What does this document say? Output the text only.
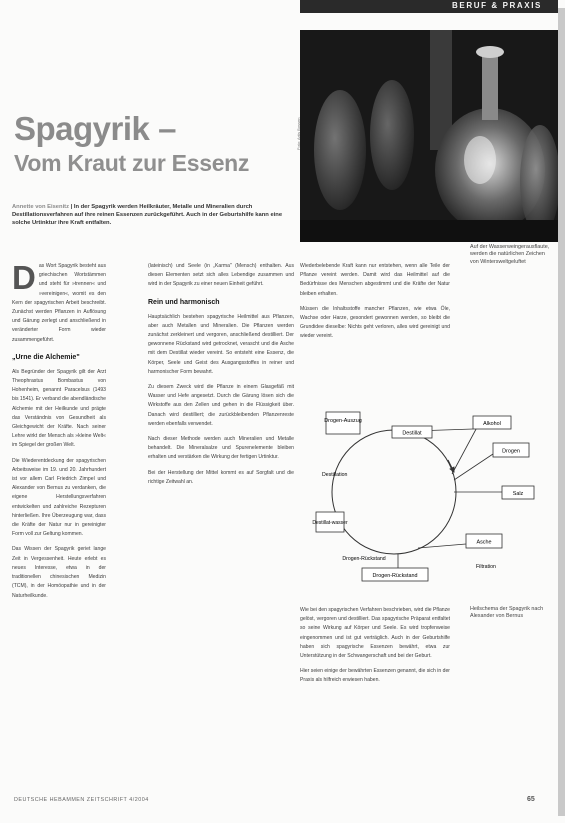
BERUF & PRAXIS
Foto: Artis Bossen
Spagyrik –
Vom Kraut zur Essenz
Annette von Eisenitz | In der Spagyrik werden Heilkräuter, Metalle und Mineralien durch Destillationsverfahren auf ihre reinen Essenzen zurückgeführt. Auch in der Geburtshilfe kann eine solche Urtinktur ihre Kraft entfalten.
Auf der Wasserweingerausflaute, werden die natürlichen Zeichen von Wintersweltgeluftet

Das Wort Spagyrik besteht aus griechischen Wortstämmen und steht für »trennen« und »vereinigen«, womit es den Kern der spagyrischen Arbeit beschreibt. Zunächst werden Pflanzen in Auflösung und Gärung zerlegt und anschließend in veränderter Form wieder zusammengeführt.

„Urne die Alchemie"

Als Begründer der Spagyrik gilt der Arzt Theophrastus Bombastus von Hohenheim, genannt Paracelsus (1493 bis 1541). Er verband die abendländische Alchemie mit der Heilkunde und prägte das Verständnis von Gesundheit als Gleichgewicht der Kräfte. Nach seiner Lehre wirkt der Mensch als »kleine Welt« im Spiegel der großen Welt.

Die Wiederentdeckung der spagyrischen Arbeitsweise im 19. und 20. Jahrhundert ist vor allem Carl Friedrich Zimpel und Alexander von Bernus zu verdanken, die eigene Herstellungsverfahren entwickelten und zahlreiche Rezepturen hinterließen. Ihre Überzeugung war, dass die Kräfte der Natur nur in gereinigter Form voll zur Geltung kommen.

Das Wissen der Spagyrik geriet lange Zeit in Vergessenheit. Heute erlebt es neues Interesse, etwa in der traditionellen chinesischen Medizin (TCM), in der Homöopathie und in der Naturheilkunde.

(lateinisch) und Seele (in „Karma" (Mensch) enthalten. Aus diesen Elementen setzt sich alles Lebendige zusammen und wird in der Spagyrik zu einer neuen Einheit geführt.

Rein und harmonisch

Hauptsächlich bestehen spagyrische Heilmittel aus Pflanzen, aber auch Metallen und Mineralien. Die Pflanzen werden zunächst zerkleinert und vergoren, anschließend destilliert. Der gewonnene Rückstand wird getrocknet, verascht und die Asche mit dem Destillat wieder vereint. So entsteht eine Essenz, die Körper, Seele und Geist des Ausgangsstoffes in reiner und harmonischer Form bewahrt.

Zu diesem Zweck wird die Pflanze in einem Glasgefäß mit Wasser und Hefe angesetzt. Durch die Gärung lösen sich die Wirkstoffe aus den Zellen und gehen in die Flüssigkeit über. Danach wird destilliert; die zurückbleibenden Pflanzenreste werden ebenfalls verwendet.

Nach dieser Methode werden auch Mineralien und Metalle behandelt. Die Mineralsalze und Spurenelemente bleiben erhalten und verstärken die Wirkung der fertigen Urtinktur.

Bei der Herstellung der Mittel kommt es auf Sorgfalt und die richtige Zeitwahl an.

Wiederbelebende Kraft kann nur entstehen, wenn alle Teile der Pflanze vereint werden. Damit wird das Heilmittel auf die Bedürfnisse des Menschen abgestimmt und die Kräfte der Natur bleiben erhalten.

Müssen die Inhaltsstoffe mancher Pflanzen, wie etwa Öle, Wachse oder Harze, gesondert gewonnen werden, so bleibt die Grundidee dieselbe: Nichts geht verloren, alles wird gereinigt und wieder vereint.

Drogen-Auszug
Destillat
Alkohol
Drogen
Salz
Destillation
Destillat-wasser
Drogen-Rückstand
Asche
Filtration
Drogen-Rückstand

Wie bei den spagyrischen Verfahren beschrieben, wird die Pflanze gelöst, vergoren und destilliert. Das spagyrische Präparat entfaltet so seine Wirkung auf Körper und Seele. Es wird tropfenweise eingenommen und ist gut verträglich. Auch in der Geburtshilfe haben sich spagyrische Essenzen bewährt, etwa zur Unterstützung in der Schwangerschaft und bei der Geburt.

Hier seien einige der bewährten Essenzen genannt, die sich in der Praxis als hilfreich erwiesen haben.

Heilschema der Spagyrik nach Alexander von Bernus
DEUTSCHE HEBAMMEN ZEITSCHRIFT 4/2004	65
